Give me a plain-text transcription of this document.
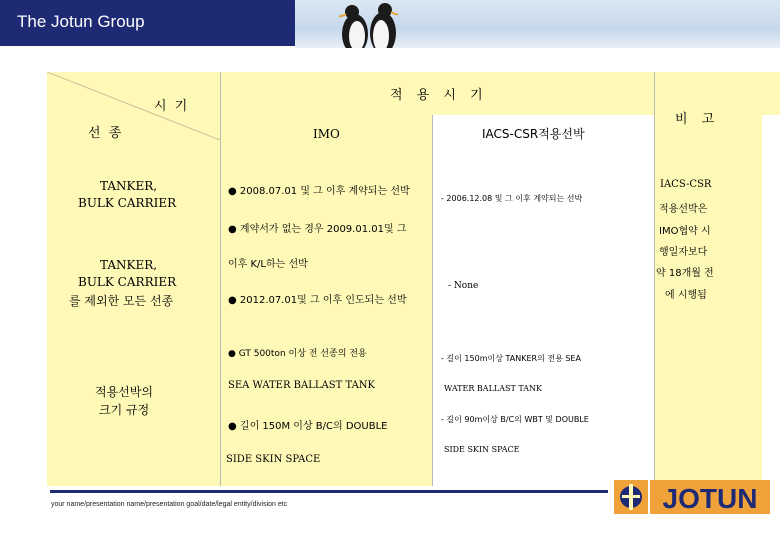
The Jotun Group
시 기
선 종
적 용 시 기
비 고
IMO	IACS-CSR적용선박
TANKER,
BULK CARRIER
TANKER,
BULK CARRIER
를 제외한 모든 선종
적용선박의
크기 규정
● 2008.07.01 및 그 이후 계약되는 선박
● 계약서가 없는 경우 2009.01.01및 그
이후 K/L하는 선박
● 2012.07.01및 그 이후 인도되는 선박
● GT 500ton 이상 전 선종의 전용
SEA WATER BALLAST TANK
● 길이 150M 이상 B/C의 DOUBLE
SIDE SKIN SPACE
- 2006.12.08 및 그 이후 계약되는 선박
- None
- 길이 150m이상 TANKER의 전용 SEA
WATER BALLAST TANK
- 길이 90m이상 B/C의 WBT 및 DOUBLE
SIDE SKIN SPACE
IACS-CSR
적용선박은
IMO협약 시
행일자보다
약 18개월 전
에 시행됨
your name/presentation name/presentation goal/date/legal entity/division etc	JOTUN
